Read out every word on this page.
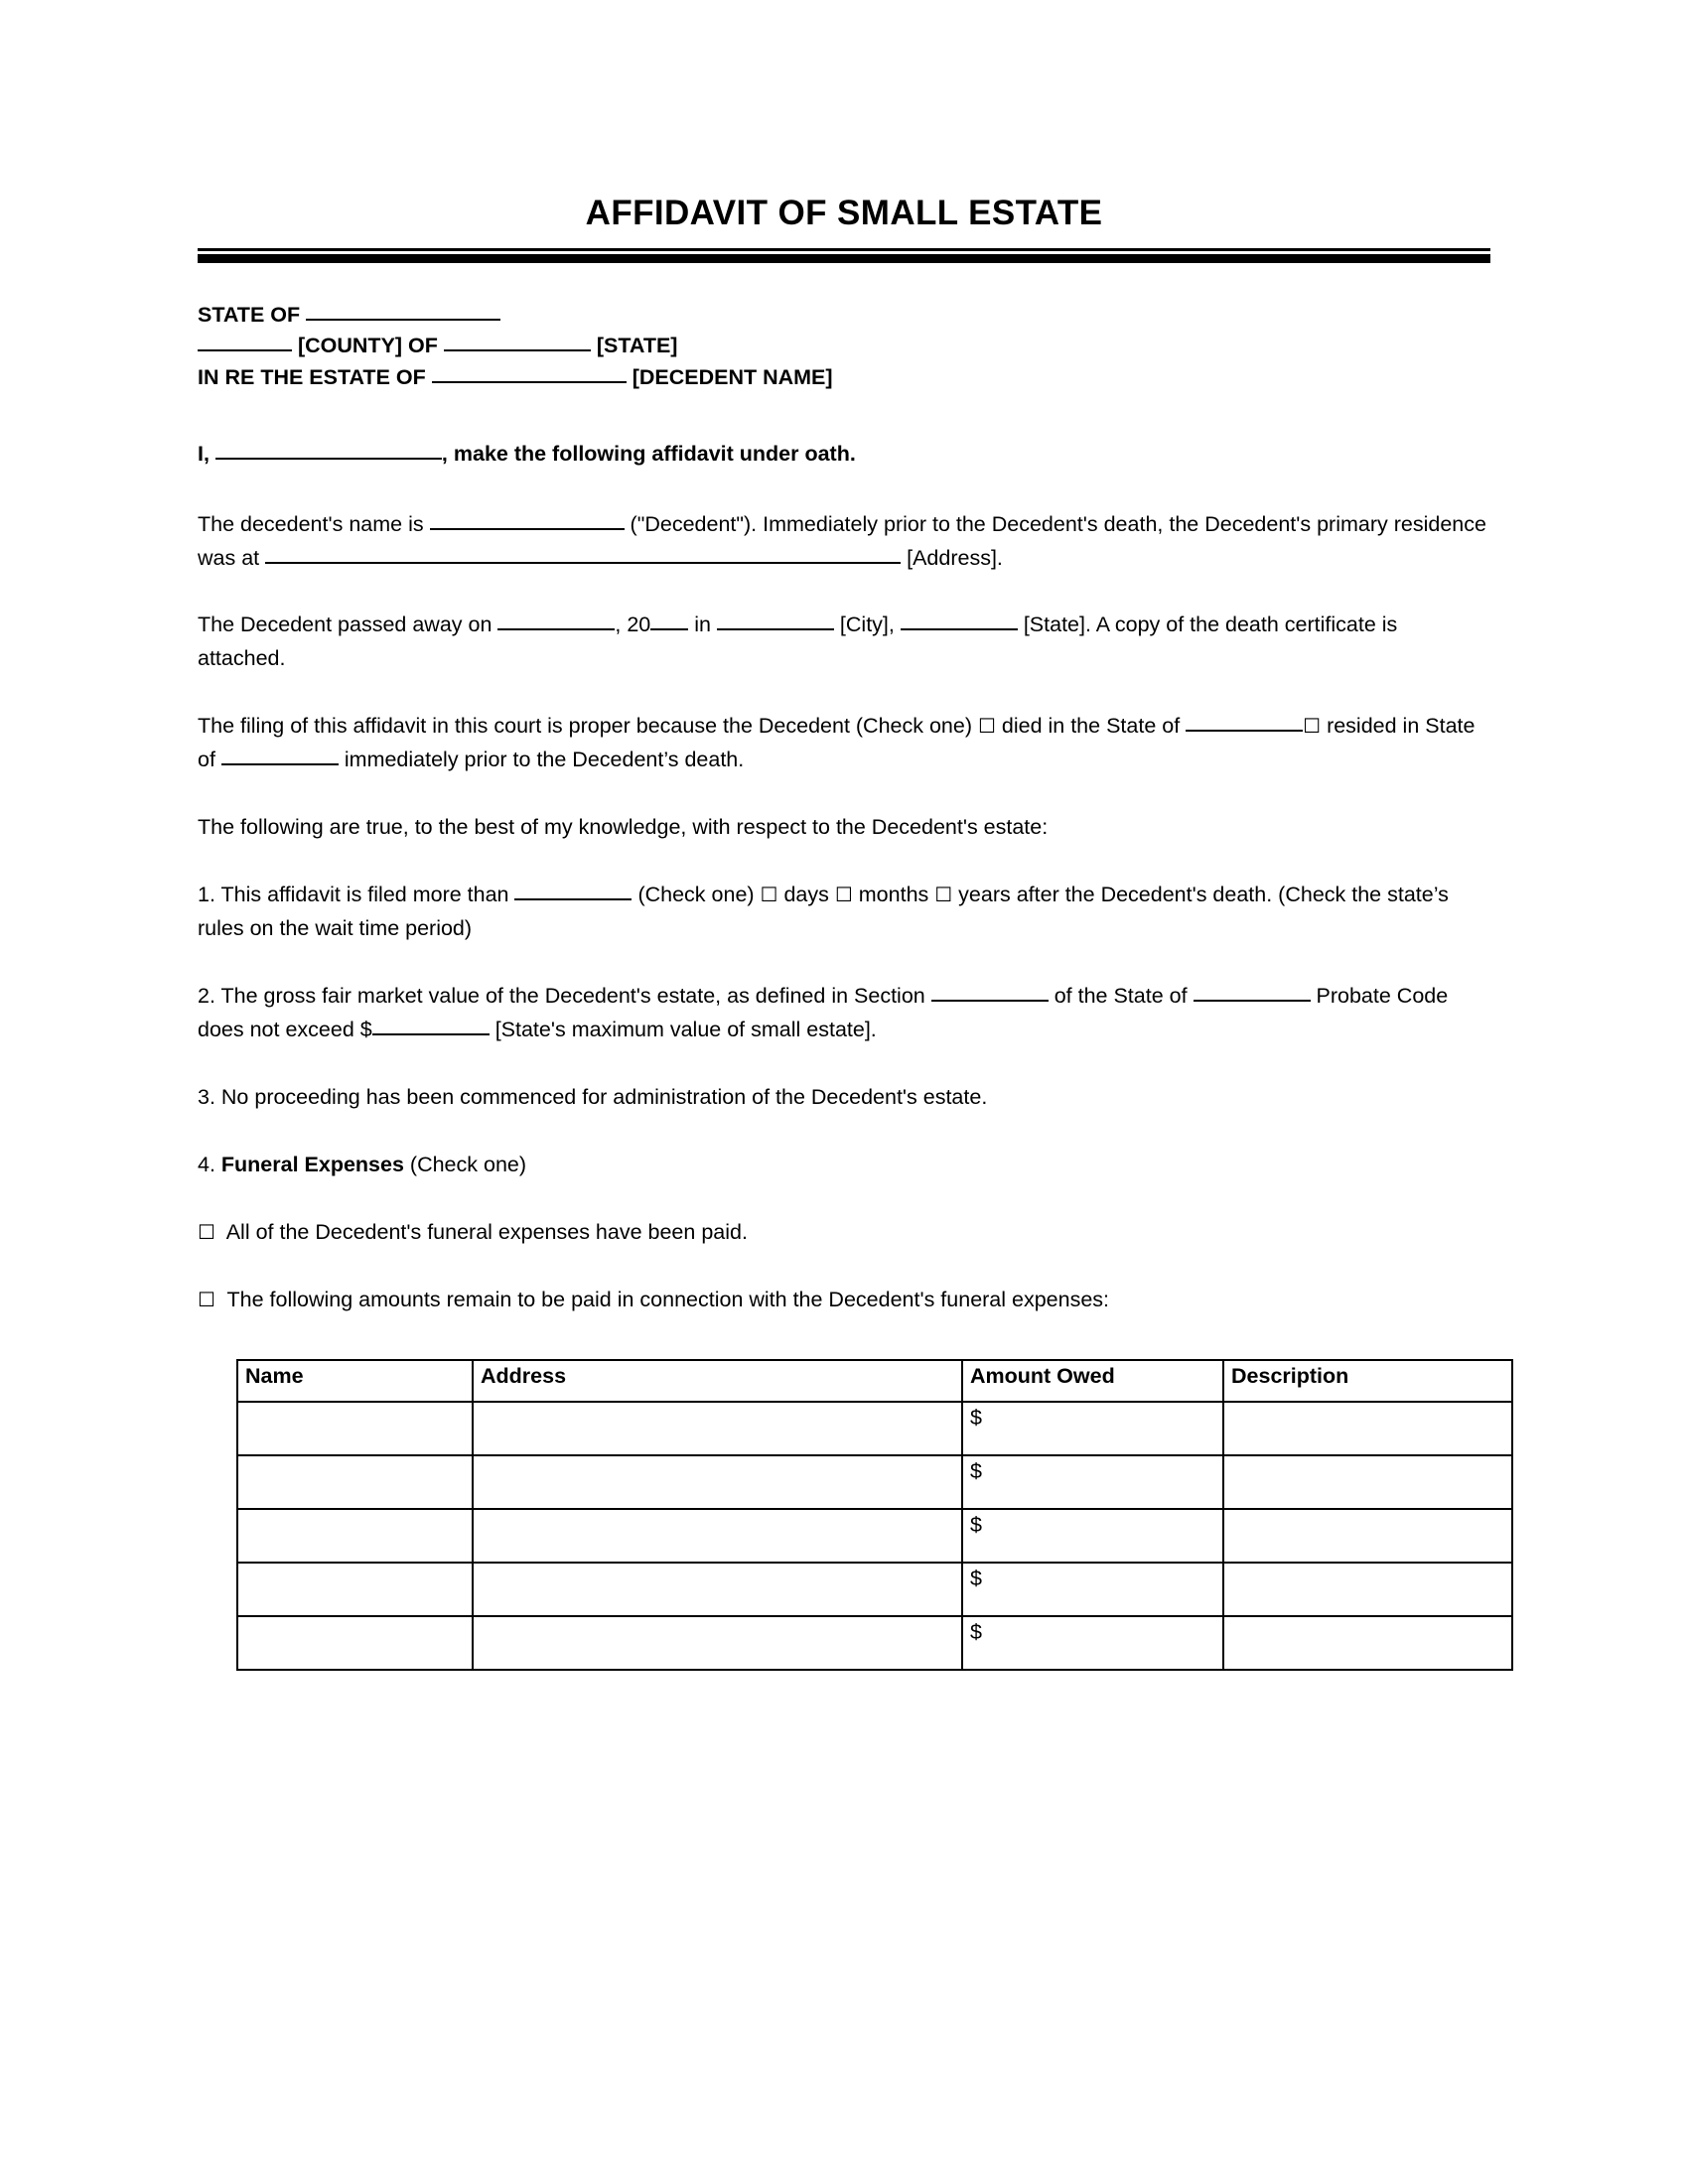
AFFIDAVIT OF SMALL ESTATE
STATE OF
[COUNTY] OF	[STATE]
IN RE THE ESTATE OF	[DECEDENT NAME]
I,	, make the following affidavit under oath.

The decedent's name is	("Decedent"). Immediately prior to the Decedent's death, the Decedent's primary residence was at	[Address].

The Decedent passed away on	, 20 in	[City],	[State]. A copy of the death certificate is attached.

The filing of this affidavit in this court is proper because the Decedent (Check one) ☐ died in the State of	☐ resided in State of	immediately prior to the Decedent’s death.

The following are true, to the best of my knowledge, with respect to the Decedent's estate:

1. This affidavit is filed more than	(Check one) ☐ days ☐ months ☐ years after the Decedent's death. (Check the state’s rules on the wait time period)

2. The gross fair market value of the Decedent's estate, as defined in Section	of the State of	Probate Code does not exceed $	[State's maximum value of small estate].

3. No proceeding has been commenced for administration of the Decedent's estate.

4. Funeral Expenses (Check one)

☐ All of the Decedent's funeral expenses have been paid.

☐ The following amounts remain to be paid in connection with the Decedent's funeral expenses:

Name	Address	Amount Owed	Description
		$	
		$	
		$	
		$	
		$	
